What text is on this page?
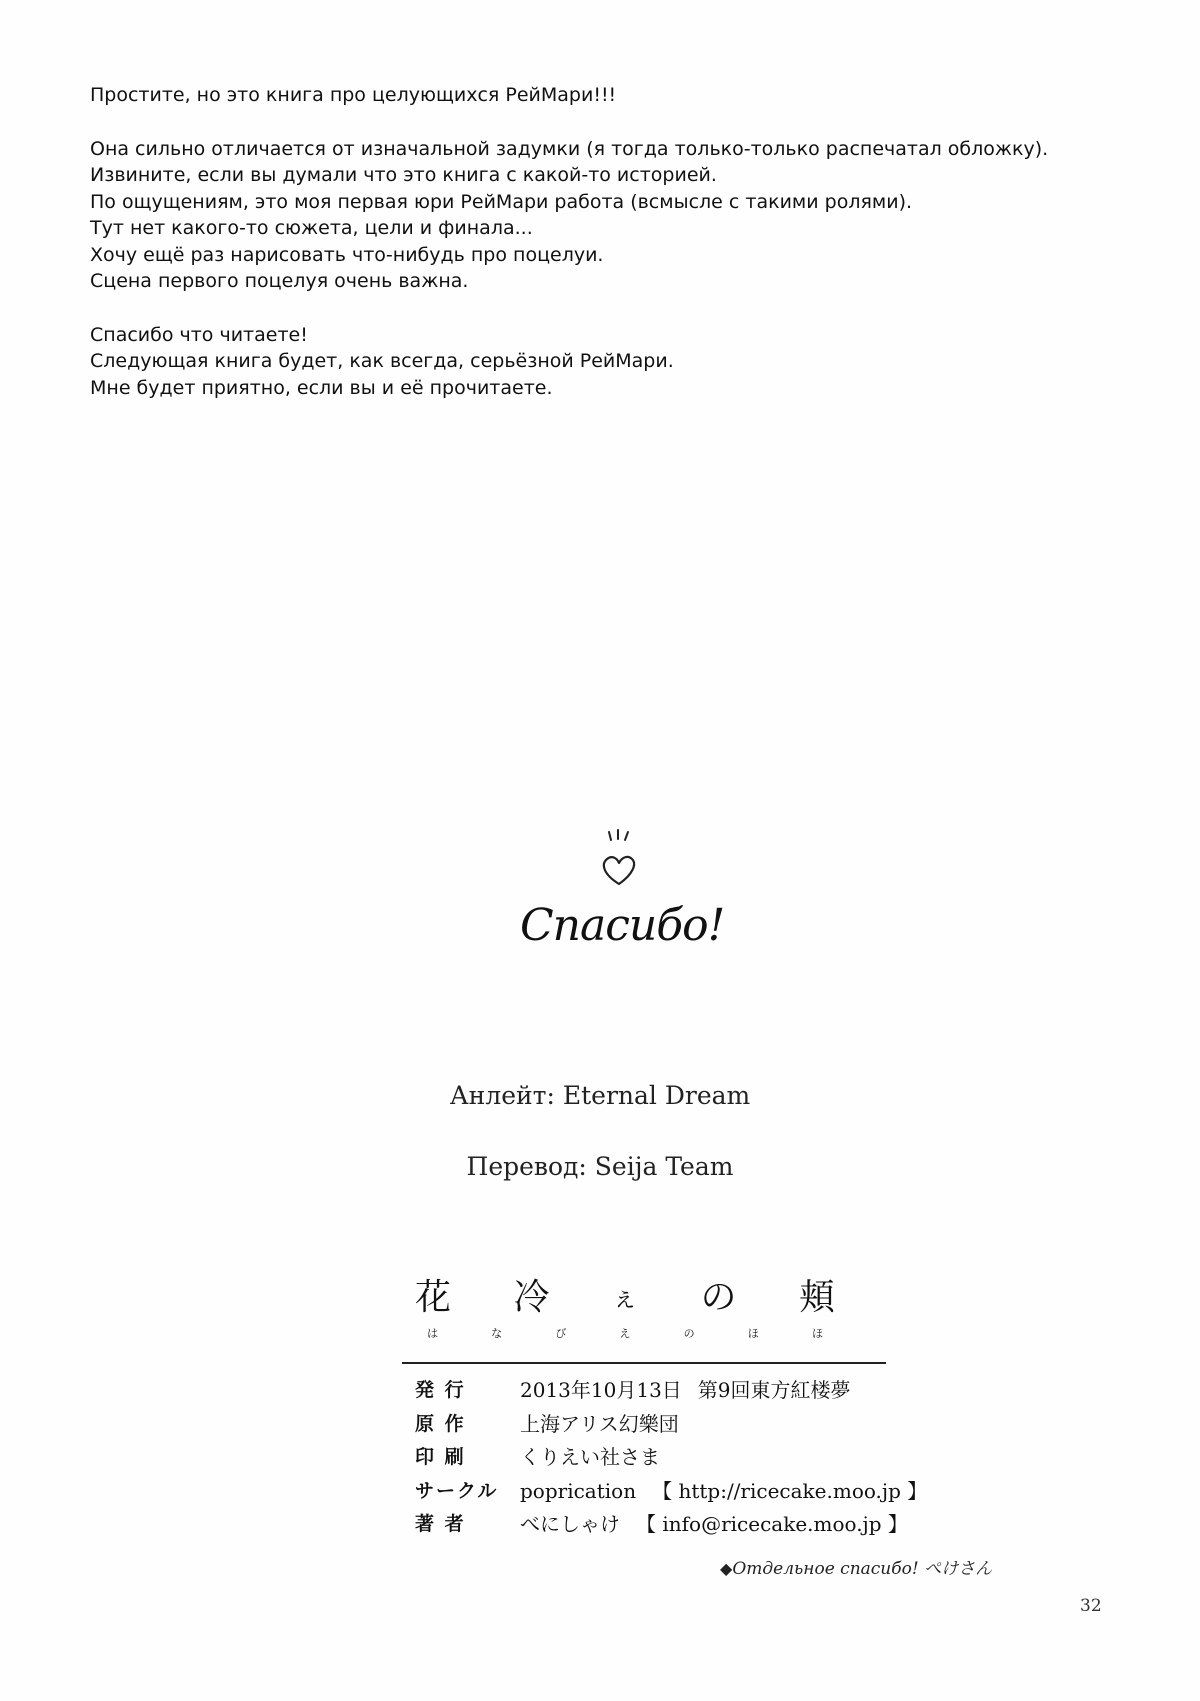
Простите, но это книга про целующихся РейМари!!!

Она сильно отличается от изначальной задумки (я тогда только-только распечатал обложку).
Извините, если вы думали что это книга с какой-то историей.
По ощущениям, это моя первая юри РейМари работа (всмысле с такими ролями).
Тут нет какого-то сюжета, цели и финала...
Хочу ещё раз нарисовать что-нибудь про поцелуи.
Сцена первого поцелуя очень важна.

Спасибо что читаете!
Следующая книга будет, как всегда, серьёзной РейМари.
Мне будет приятно, если вы и её прочитаете.

Спасибо!
Анлейт: Eternal Dream
Перевод: Seija Team
花 冷 ぇ の 頬
は	な	び	え	の	ほ	ほ
発 行	2013年10月13日 第9回東方紅楼夢
原 作	上海アリス幻樂団
印 刷	くりえい社さま
サークル	poprication 【 http://ricecake.moo.jp 】
著 者	べにしゃけ 【 info@ricecake.moo.jp 】
◆Отдельное спасибо! ぺけさん
32
